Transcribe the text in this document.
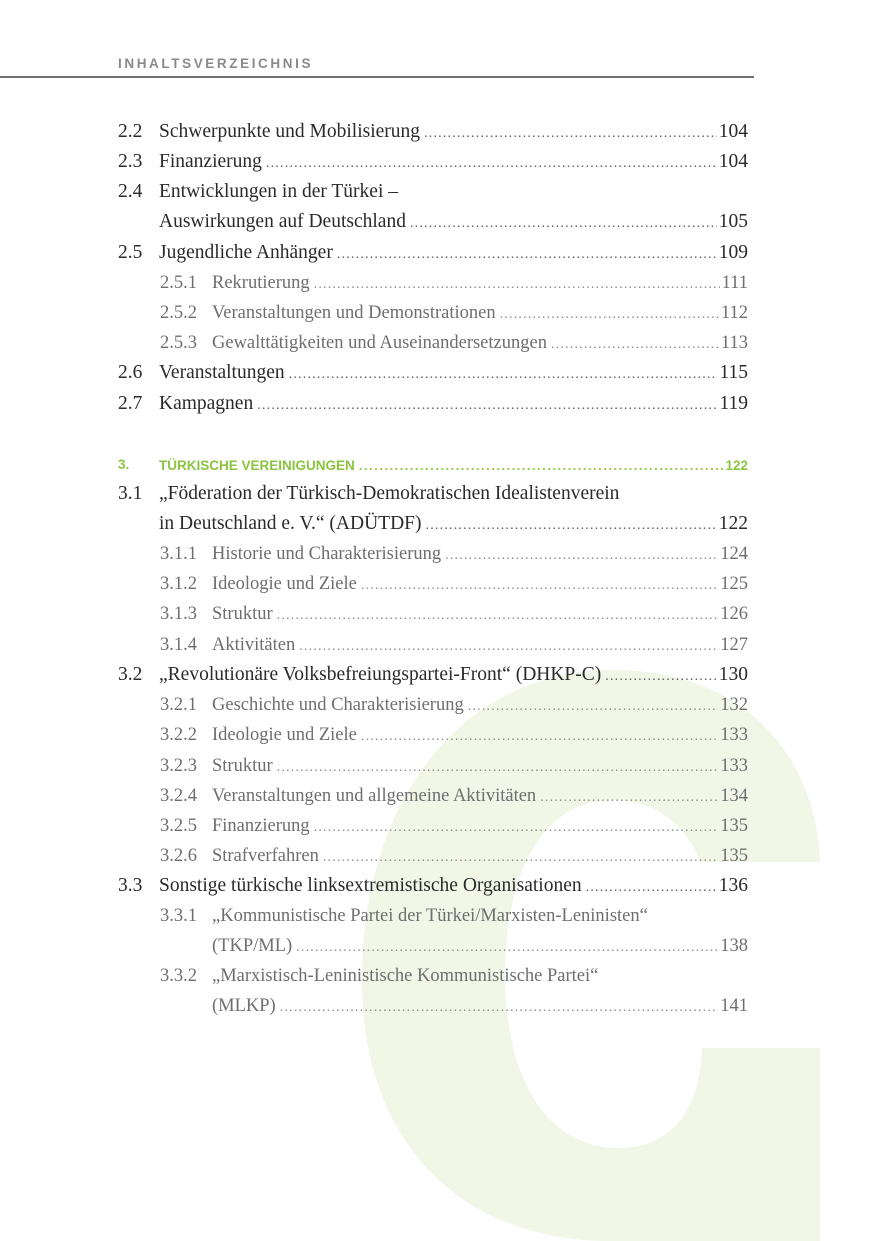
INHALTSVERZEICHNIS
2.2 Schwerpunkte und Mobilisierung .....	104
2.3 Finanzierung .....	104
2.4 Entwicklungen in der Türkei –
Auswirkungen auf Deutschland .....	105
2.5 Jugendliche Anhänger .....	109
2.5.1 Rekrutierung .....	111
2.5.2 Veranstaltungen und Demonstrationen .....	112
2.5.3 Gewalttätigkeiten und Auseinandersetzungen .....	113
2.6 Veranstaltungen .....	115
2.7 Kampagnen .....	119
3. TÜRKISCHE VEREINIGUNGEN .....	122
3.1 „Föderation der Türkisch-Demokratischen Idealistenverein
in Deutschland e. V.“ (ADÜTDF) .....	122
3.1.1 Historie und Charakterisierung .....	124
3.1.2 Ideologie und Ziele .....	125
3.1.3 Struktur .....	126
3.1.4 Aktivitäten .....	127
3.2 „Revolutionäre Volksbefreiungspartei-Front“ (DHKP-C) .....	130
3.2.1 Geschichte und Charakterisierung .....	132
3.2.2 Ideologie und Ziele .....	133
3.2.3 Struktur .....	133
3.2.4 Veranstaltungen und allgemeine Aktivitäten .....	134
3.2.5 Finanzierung .....	135
3.2.6 Strafverfahren .....	135
3.3 Sonstige türkische linksextremistische Organisationen .....	136
3.3.1 „Kommunistische Partei der Türkei/Marxisten-Leninisten“
(TKP/ML) .....	138
3.3.2 „Marxistisch-Leninistische Kommunistische Partei“
(MLKP) .....	141
